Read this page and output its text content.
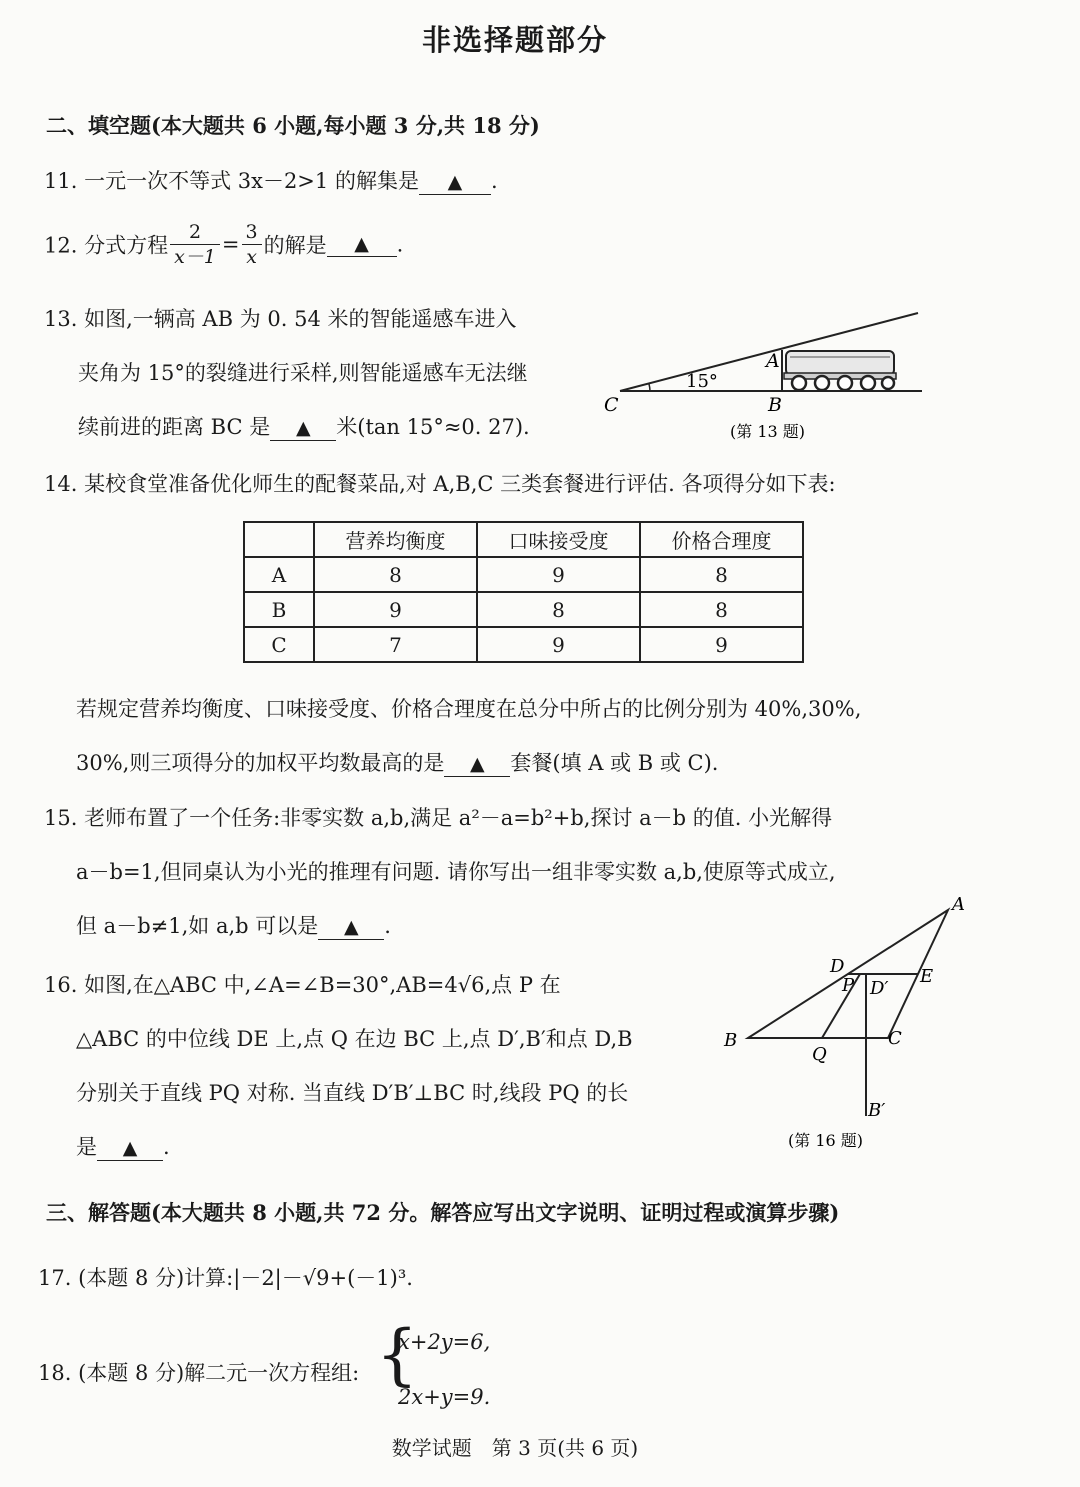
非选择题部分
二、填空题(本大题共 6 小题,每小题 3 分,共 18 分)
11. 一元一次不等式 3x－2>1 的解集是 ▲ .
12. 分式方程 $\frac{2}{x-1} = \frac{3}{x}$ 的解是 ▲ .
13. 如图,一辆高 AB 为 0. 54 米的智能遥感车进入
夹角为 15°的裂缝进行采样,则智能遥感车无法继
续前进的距离 BC 是 ▲ 米(tan 15°≈0. 27).
15°
A
B
C
(第 13 题)
14. 某校食堂准备优化师生的配餐菜品,对 A,B,C 三类套餐进行评估. 各项得分如下表:
	营养均衡度	口味接受度	价格合理度
A	8	9	8
B	9	8	8
C	7	9	9
若规定营养均衡度、口味接受度、价格合理度在总分中所占的比例分别为 40%,30%,
30%,则三项得分的加权平均数最高的是 ▲ 套餐(填 A 或 B 或 C).
15. 老师布置了一个任务:非零实数 a,b,满足 a²－a=b²+b,探讨 a－b 的值. 小光解得
a－b=1,但同桌认为小光的推理有问题. 请你写出一组非零实数 a,b,使原等式成立,
但 a－b≠1,如 a,b 可以是 ▲ .
16. 如图,在△ABC 中,∠A=∠B=30°,AB=4√6,点 P 在
△ABC 的中位线 DE 上,点 Q 在边 BC 上,点 D′,B′和点 D,B
分别关于直线 PQ 对称. 当直线 D′B′⊥BC 时,线段 PQ 的长
是 ▲ .
A
B	C
D	E
P D′
Q
B′
(第 16 题)
三、解答题(本大题共 8 小题,共 72 分。解答应写出文字说明、证明过程或演算步骤)
17. (本题 8 分)计算:|－2|－√9+(－1)³.
18. (本题 8 分)解二元一次方程组: {
x+2y=6,
2x+y=9.
数学试题　第 3 页(共 6 页)
